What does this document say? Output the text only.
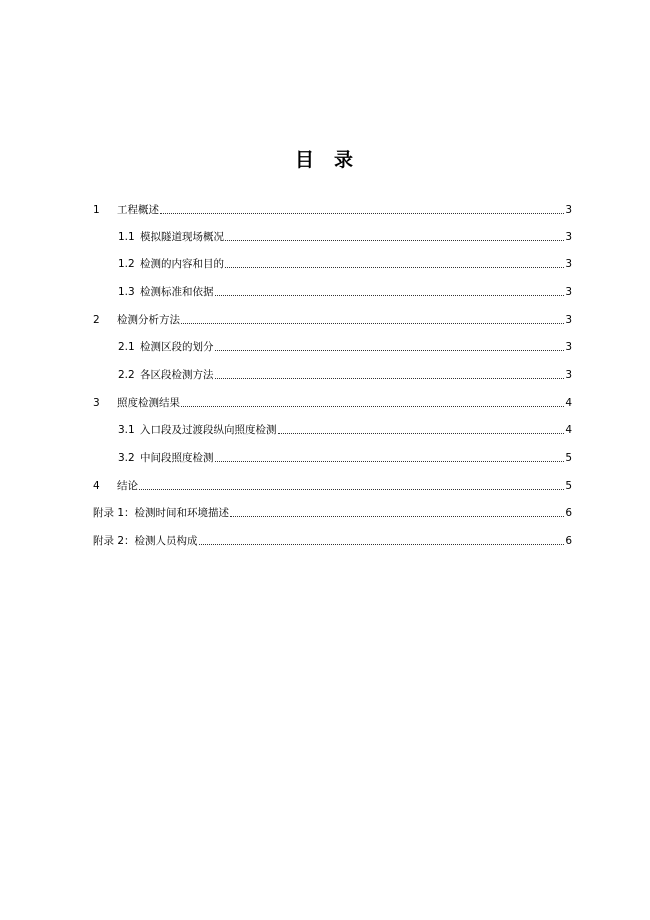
目 录
1	工程概述	3
1.1 模拟隧道现场概况	3
1.2 检测的内容和目的	3
1.3 检测标准和依据	3
2	检测分析方法	3
2.1 检测区段的划分	3
2.2 各区段检测方法	3
3	照度检测结果	4
3.1 入口段及过渡段纵向照度检测	4
3.2 中间段照度检测	5
4	结论	5
附录 1：检测时间和环境描述	6
附录 2：检测人员构成	6
